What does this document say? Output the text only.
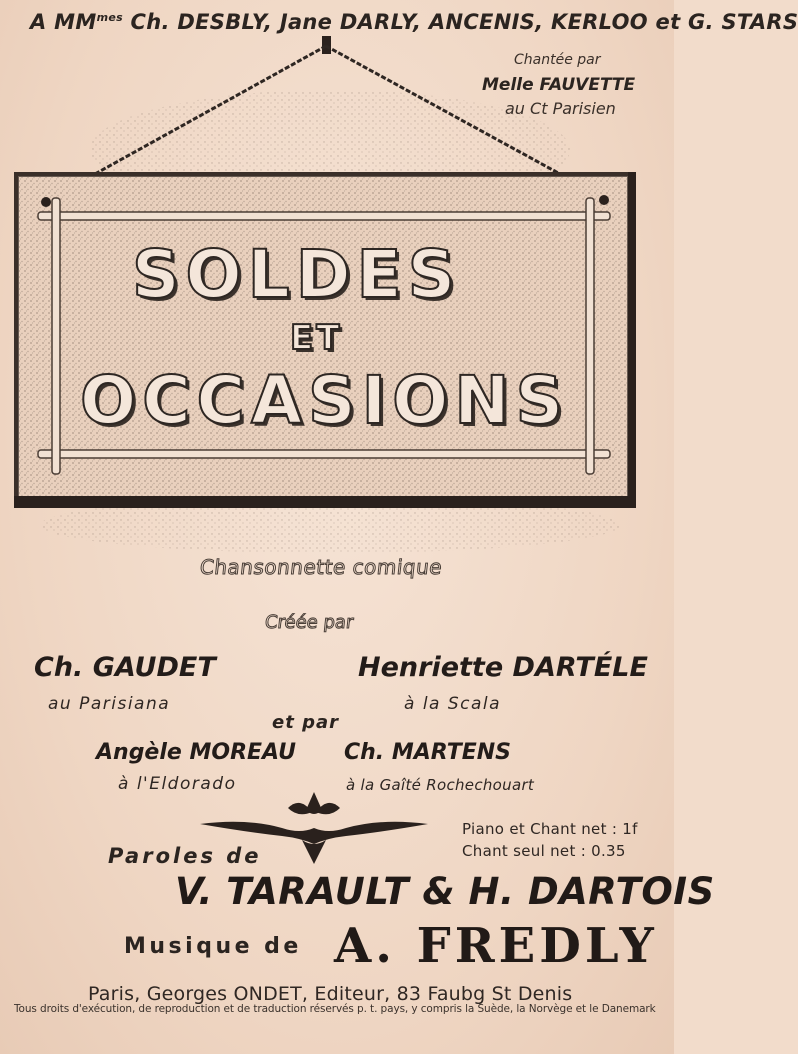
A $MM^{mes}$ Ch. DESBLY, Jane DARLY, ANCENIS, KERLOO et G. STARS
Chantée par
Melle FAUVETTE
au Ct Parisien
SOLDES
ET
OCCASIONS
Chansonnette comique
Créée par
Ch. GAUDET
au Parisiana
Henriette DARTÉLE
à la Scala
et par
Angèle MOREAU
à l'Eldorado
Ch. MARTENS
à la Gaîté Rochechouart
Piano et Chant net : 1f
Chant seul net : 0.35
Paroles de
V. TARAULT & H. DARTOIS
Musique de A. FREDLY
Paris, Georges ONDET, Editeur, 83 Faubg St Denis
Tous droits d'exécution, de reproduction et de traduction réservés p. t. pays, y compris la Suède, la Norvège et le Danemark
